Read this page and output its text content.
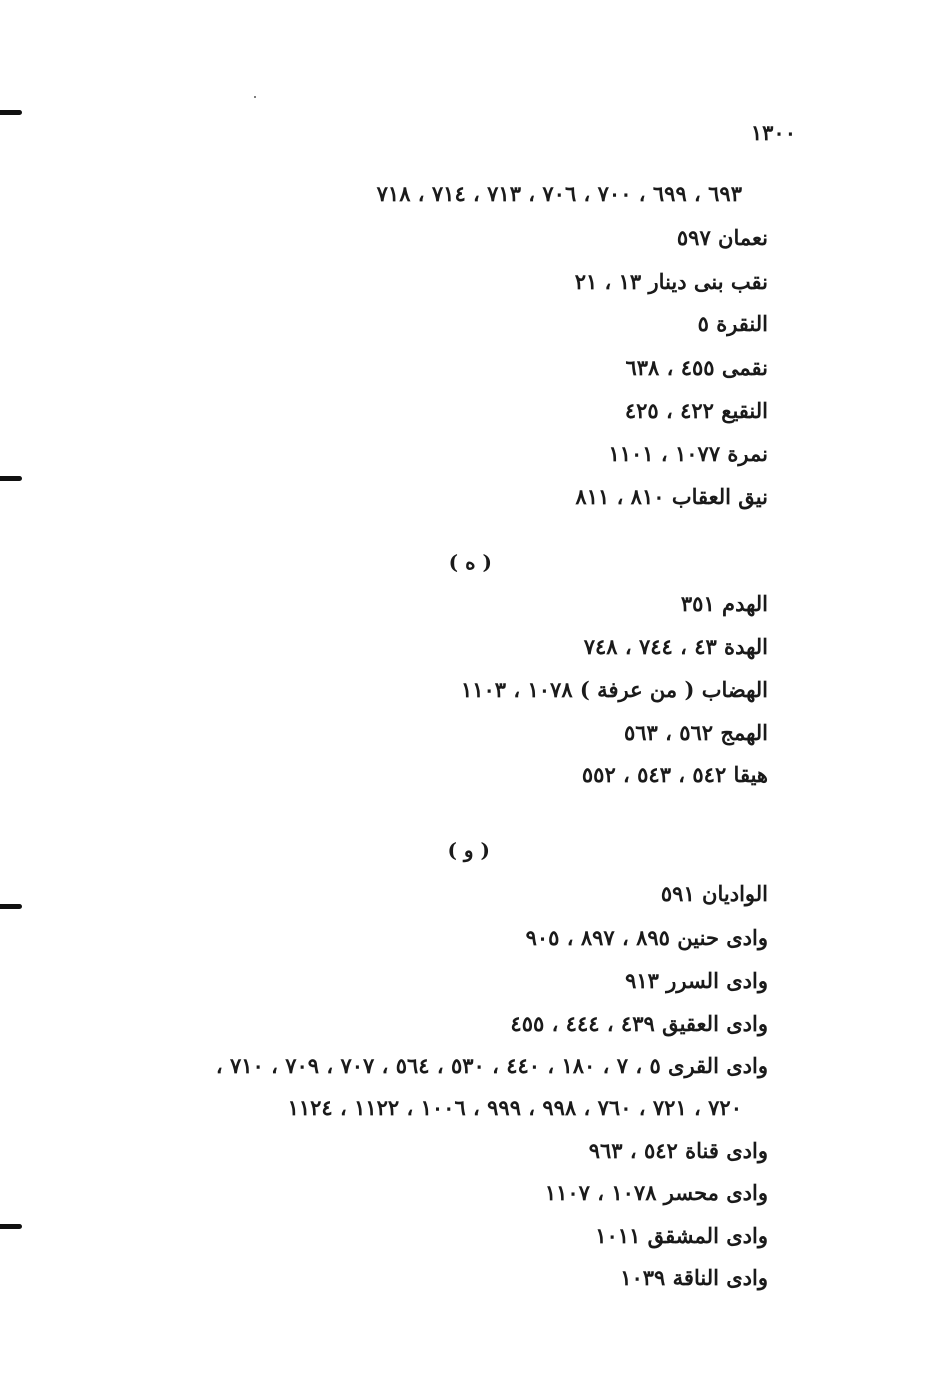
١٣٠٠
٦٩٣ ، ٦٩٩ ، ٧٠٠ ، ٧٠٦ ، ٧١٣ ، ٧١٤ ، ٧١٨
نعمان ٥٩٧
نقب بنى دينار ١٣ ، ٢١
النقرة ٥
نقمى ٤٥٥ ، ٦٣٨
النقيع ٤٢٢ ، ٤٢٥
نمرة ١٠٧٧ ، ١١٠١
نيق العقاب ٨١٠ ، ٨١١
( ه )
الهدم ٣٥١
الهدة ٤٣ ، ٧٤٤ ، ٧٤٨
الهضاب ( من عرفة ) ١٠٧٨ ، ١١٠٣
الهمج ٥٦٢ ، ٥٦٣
هيقا ٥٤٢ ، ٥٤٣ ، ٥٥٢
( و )
الواديان ٥٩١
وادى حنين ٨٩٥ ، ٨٩٧ ، ٩٠٥
وادى السرر ٩١٣
وادى العقيق ٤٣٩ ، ٤٤٤ ، ٤٥٥
وادى القرى ٥ ، ٧ ، ١٨٠ ، ٤٤٠ ، ٥٣٠ ، ٥٦٤ ، ٧٠٧ ، ٧٠٩ ، ٧١٠ ،
٧٢٠ ، ٧٢١ ، ٧٦٠ ، ٩٩٨ ، ٩٩٩ ، ١٠٠٦ ، ١١٢٢ ، ١١٢٤
وادى قناة ٥٤٢ ، ٩٦٣
وادى محسر ١٠٧٨ ، ١١٠٧
وادى المشقق ١٠١١
وادى الناقة ١٠٣٩
